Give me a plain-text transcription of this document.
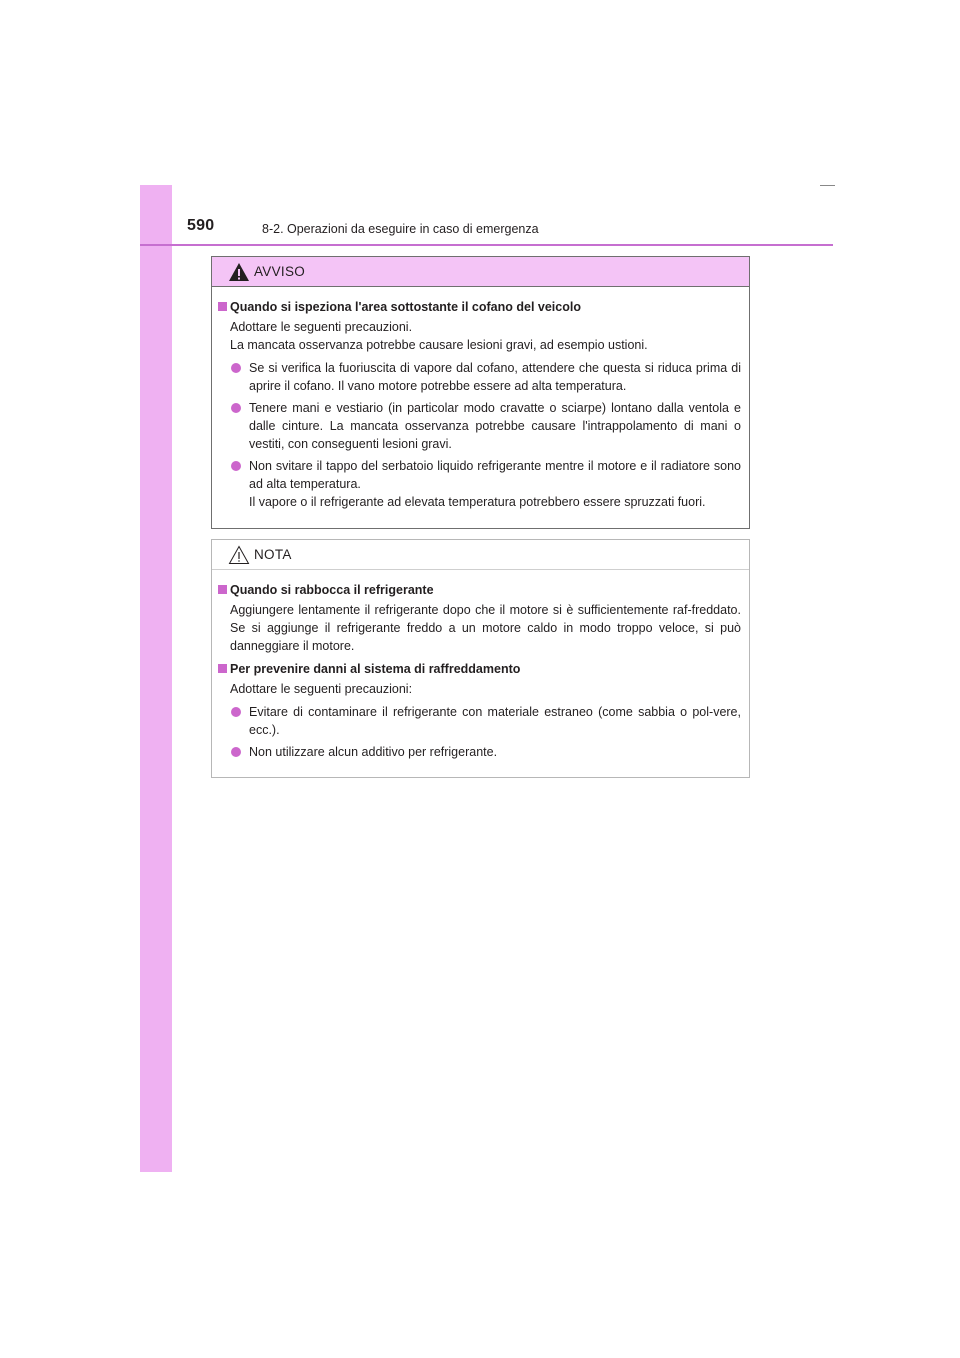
590	8-2. Operazioni da eseguire in caso di emergenza
AVVISO
Quando si ispeziona l'area sottostante il cofano del veicolo
Adottare le seguenti precauzioni.
La mancata osservanza potrebbe causare lesioni gravi, ad esempio ustioni.
Se si verifica la fuoriuscita di vapore dal cofano, attendere che questa si riduca prima di aprire il cofano. Il vano motore potrebbe essere ad alta temperatura.
Tenere mani e vestiario (in particolar modo cravatte o sciarpe) lontano dalla ventola e dalle cinture. La mancata osservanza potrebbe causare l'intrappolamento di mani o vestiti, con conseguenti lesioni gravi.
Non svitare il tappo del serbatoio liquido refrigerante mentre il motore e il radiatore sono ad alta temperatura.
Il vapore o il refrigerante ad elevata temperatura potrebbero essere spruzzati fuori.
NOTA
Quando si rabbocca il refrigerante
Aggiungere lentamente il refrigerante dopo che il motore si è sufficientemente raf-freddato. Se si aggiunge il refrigerante freddo a un motore caldo in modo troppo veloce, si può danneggiare il motore.
Per prevenire danni al sistema di raffreddamento
Adottare le seguenti precauzioni:
Evitare di contaminare il refrigerante con materiale estraneo (come sabbia o pol-vere, ecc.).
Non utilizzare alcun additivo per refrigerante.
